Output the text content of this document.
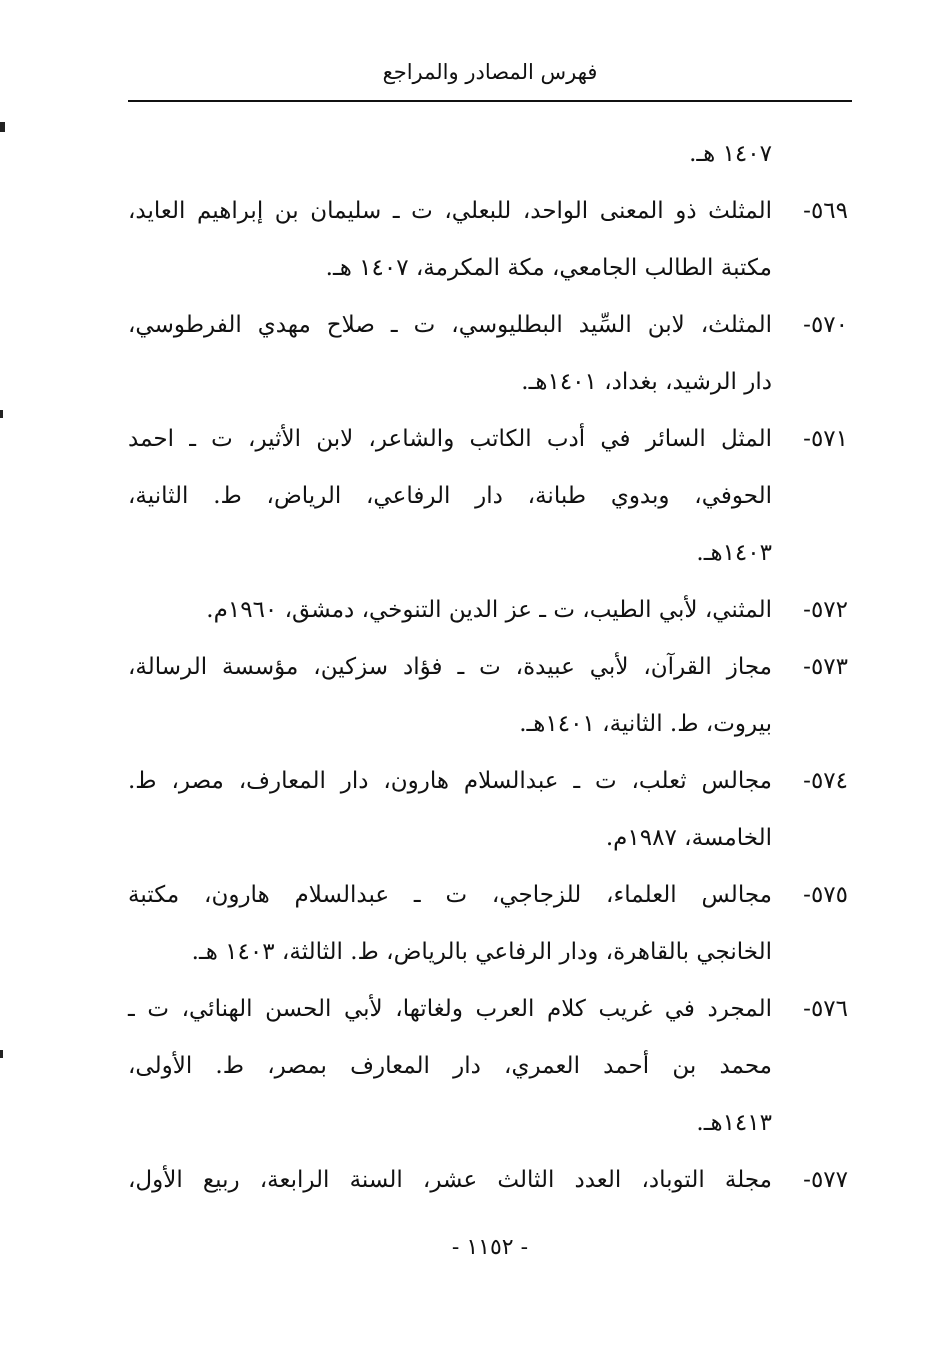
فهرس المصادر والمراجع
١٤٠٧ هـ.
٥٦٩-
المثلث ذو المعنى الواحد، للبعلي، ت ـ سليمان بن إبراهيم العايد،
مكتبة الطالب الجامعي، مكة المكرمة، ١٤٠٧ هـ.
٥٧٠-
المثلث، لابن السِّيد البطليوسي، ت ـ صلاح مهدي الفرطوسي،
دار الرشيد، بغداد، ١٤٠١هـ.
٥٧١-
المثل السائر في أدب الكاتب والشاعر، لابن الأثير، ت ـ احمد
الحوفي، وبدوي طبانة، دار الرفاعي، الرياض، ط. الثانية،
١٤٠٣هـ.
٥٧٢-
المثني، لأبي الطيب، ت ـ عز الدين التنوخي، دمشق، ١٩٦٠م.
٥٧٣-
مجاز القرآن، لأبي عبيدة، ت ـ فؤاد سزكين، مؤسسة الرسالة،
بيروت، ط. الثانية، ١٤٠١هـ.
٥٧٤-
مجالس ثعلب، ت ـ عبدالسلام هارون، دار المعارف، مصر، ط.
الخامسة، ١٩٨٧م.
٥٧٥-
مجالس العلماء، للزجاجي، ت ـ عبدالسلام هارون، مكتبة
الخانجي بالقاهرة، ودار الرفاعي بالرياض، ط. الثالثة، ١٤٠٣ هـ.
٥٧٦-
المجرد في غريب كلام العرب ولغاتها، لأبي الحسن الهنائي، ت ـ
محمد بن أحمد العمري، دار المعارف بمصر، ط. الأولى،
١٤١٣هـ.
٥٧٧-
مجلة التوباد، العدد الثالث عشر، السنة الرابعة، ربيع الأول،
- ١١٥٢ -
